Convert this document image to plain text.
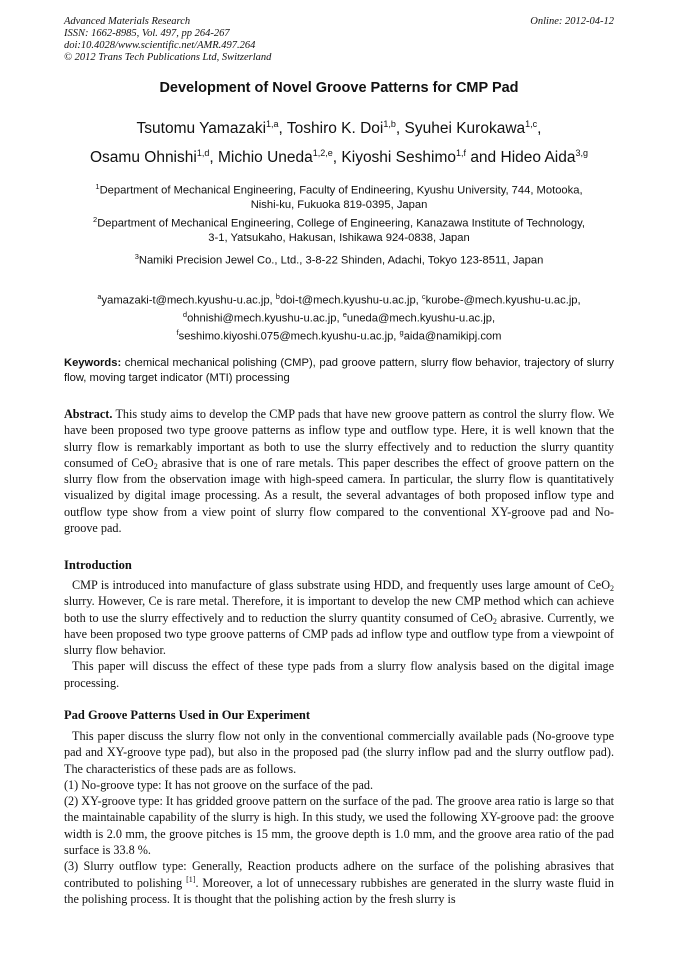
Advanced Materials Research
ISSN: 1662-8985, Vol. 497, pp 264-267
doi:10.4028/www.scientific.net/AMR.497.264
© 2012 Trans Tech Publications Ltd, Switzerland
Online: 2012-04-12
Development of Novel Groove Patterns for CMP Pad
Tsutomu Yamazaki$^{1,a}$, Toshiro K. Doi$^{1,b}$, Syuhei Kurokawa$^{1,c}$,
Osamu Ohnishi$^{1,d}$, Michio Uneda$^{1,2,e}$, Kiyoshi Seshimo$^{1,f}$ and Hideo Aida$^{3,g}$
$^1$Department of Mechanical Engineering, Faculty of Endineering, Kyushu University, 744, Motooka,
Nishi-ku, Fukuoka 819-0395, Japan
$^2$Department of Mechanical Engineering, College of Engineering, Kanazawa Institute of Technology,
3-1, Yatsukaho, Hakusan, Ishikawa 924-0838, Japan
$^3$Namiki Precision Jewel Co., Ltd., 3-8-22 Shinden, Adachi, Tokyo 123-8511, Japan
$^a$yamazaki-t@mech.kyushu-u.ac.jp, $^b$doi-t@mech.kyushu-u.ac.jp, $^c$kurobe-@mech.kyushu-u.ac.jp,
$^d$ohnishi@mech.kyushu-u.ac.jp, $^e$uneda@mech.kyushu-u.ac.jp,
$^f$seshimo.kiyoshi.075@mech.kyushu-u.ac.jp, $^g$aida@namikipj.com
Keywords: chemical mechanical polishing (CMP), pad groove pattern, slurry flow behavior, trajectory of slurry flow, moving target indicator (MTI) processing

Abstract. This study aims to develop the CMP pads that have new groove pattern as control the slurry flow. We have been proposed two type groove patterns as inflow type and outflow type. Here, it is well known that the slurry flow is remarkably important as both to use the slurry effectively and to reduction the slurry quantity consumed of CeO$_2$ abrasive that is one of rare metals. This paper describes the effect of groove pattern on the slurry flow from the observation image with high-speed camera. In particular, the slurry flow is quantitatively visualized by digital image processing. As a result, the several advantages of both proposed inflow type and outflow type show from a view point of slurry flow compared to the conventional XY-groove pad and No-groove pad.

Introduction

CMP is introduced into manufacture of glass substrate using HDD, and frequently uses large amount of CeO$_2$ slurry. However, Ce is rare metal. Therefore, it is important to develop the new CMP method which can achieve both to use the slurry effectively and to reduction the slurry quantity consumed of CeO$_2$ abrasive. Currently, we have been proposed two type groove patterns of CMP pads ad inflow type and outflow type from a viewpoint of slurry flow behavior.

This paper will discuss the effect of these type pads from a slurry flow analysis based on the digital image processing.

Pad Groove Patterns Used in Our Experiment

This paper discuss the slurry flow not only in the conventional commercially available pads (No-groove type pad and XY-groove type pad), but also in the proposed pad (the slurry inflow pad and the slurry outflow pad). The characteristics of these pads are as follows.

(1) No-groove type: It has not groove on the surface of the pad.

(2) XY-groove type: It has gridded groove pattern on the surface of the pad. The groove area ratio is large so that the maintainable capability of the slurry is high. In this study, we used the following XY-groove pad: the groove width is 2.0 mm, the groove pitches is 15 mm, the groove depth is 1.0 mm, and the groove area ratio of the pad surface is 33.8 %.

(3) Slurry outflow type: Generally, Reaction products adhere on the surface of the polishing abrasives that contributed to polishing [1]. Moreover, a lot of unnecessary rubbishes are generated in the slurry waste fluid in the polishing process. It is thought that the polishing action by the fresh slurry is
